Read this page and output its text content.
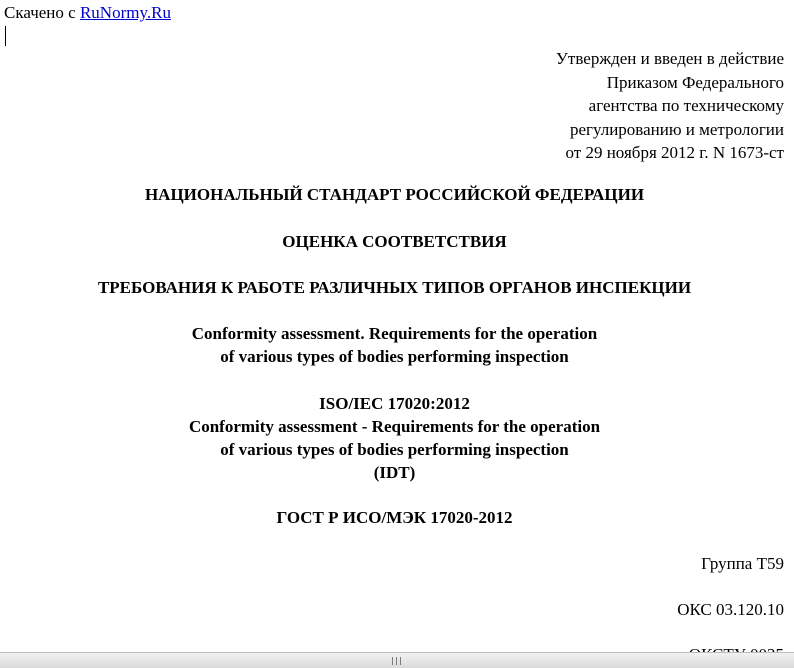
Скачено с RuNormy.Ru
Утвержден и введен в действие
Приказом Федерального
агентства по техническому
регулированию и метрологии
от 29 ноября 2012 г. N 1673-ст
НАЦИОНАЛЬНЫЙ СТАНДАРТ РОССИЙСКОЙ ФЕДЕРАЦИИ
ОЦЕНКА СООТВЕТСТВИЯ
ТРЕБОВАНИЯ К РАБОТЕ РАЗЛИЧНЫХ ТИПОВ ОРГАНОВ ИНСПЕКЦИИ
Conformity assessment. Requirements for the operation
of various types of bodies performing inspection
ISO/IEC 17020:2012
Conformity assessment - Requirements for the operation
of various types of bodies performing inspection
(IDT)
ГОСТ Р ИСО/МЭК 17020-2012
Группа Т59
ОКС 03.120.10
